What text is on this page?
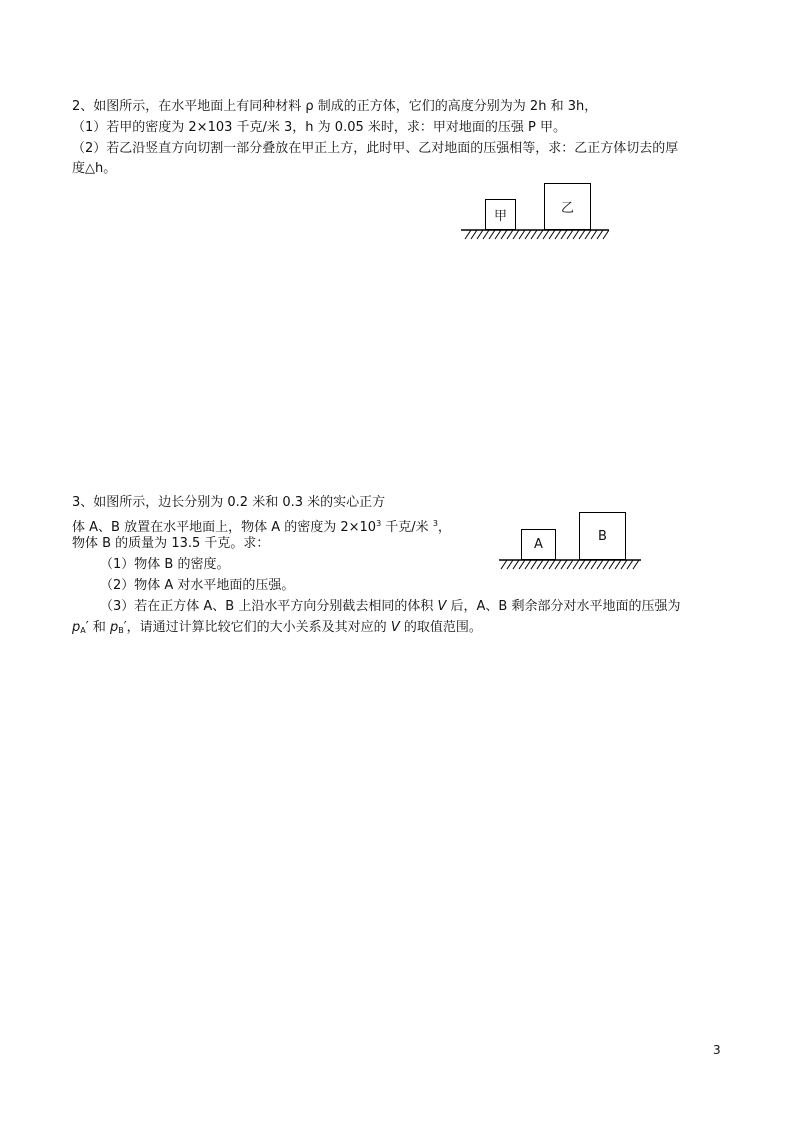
2、如图所示，在水平地面上有同种材料 ρ 制成的正方体，它们的高度分别为为 2h 和 3h，
（1）若甲的密度为 2×103 千克/米 3，h 为 0.05 米时，求：甲对地面的压强 P 甲。
（2）若乙沿竖直方向切割一部分叠放在甲正上方，此时甲、乙对地面的压强相等，求：乙正方体切去的厚
度△h。
甲
乙
3、如图所示，边长分别为 0.2 米和 0.3 米的实心正方
体 A、B 放置在水平地面上，物体 A 的密度为 $2\times 10^3$ 千克/米 $^3$，
物体 B 的质量为 13.5 千克。求：
（1）物体 B 的密度。
（2）物体 A 对水平地面的压强。
（3）若在正方体 A、B 上沿水平方向分别截去相同的体积 V 后，A、B 剩余部分对水平地面的压强为
$p_A'$ 和 $p_B'$，请通过计算比较它们的大小关系及其对应的 V 的取值范围。
A
B
3
